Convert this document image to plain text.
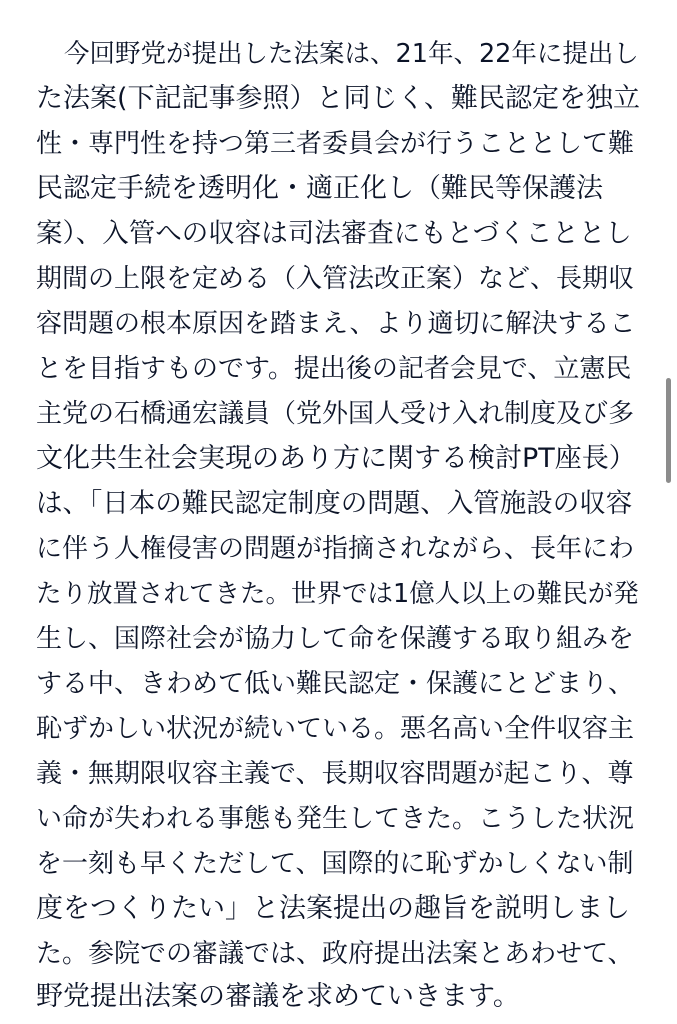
今回野党が提出した法案は、21年、22年に提出し
た法案(下記記事参照）と同じく、難民認定を独立
性・専門性を持つ第三者委員会が行うこととして難
民認定手続を透明化・適正化し（難民等保護法
案）、入管への収容は司法審査にもとづくこととし
期間の上限を定める（入管法改正案）など、長期収
容問題の根本原因を踏まえ、より適切に解決するこ
とを目指すものです。提出後の記者会見で、立憲民
主党の石橋通宏議員（党外国人受け入れ制度及び多
文化共生社会実現のあり方に関する検討PT座長）
は、「日本の難民認定制度の問題、入管施設の収容
に伴う人権侵害の問題が指摘されながら、長年にわ
たり放置されてきた。世界では1億人以上の難民が発
生し、国際社会が協力して命を保護する取り組みを
する中、きわめて低い難民認定・保護にとどまり、
恥ずかしい状況が続いている。悪名高い全件収容主
義・無期限収容主義で、長期収容問題が起こり、尊
い命が失われる事態も発生してきた。こうした状況
を一刻も早くただして、国際的に恥ずかしくない制
度をつくりたい」と法案提出の趣旨を説明しまし
た。参院での審議では、政府提出法案とあわせて、
野党提出法案の審議を求めていきます。
